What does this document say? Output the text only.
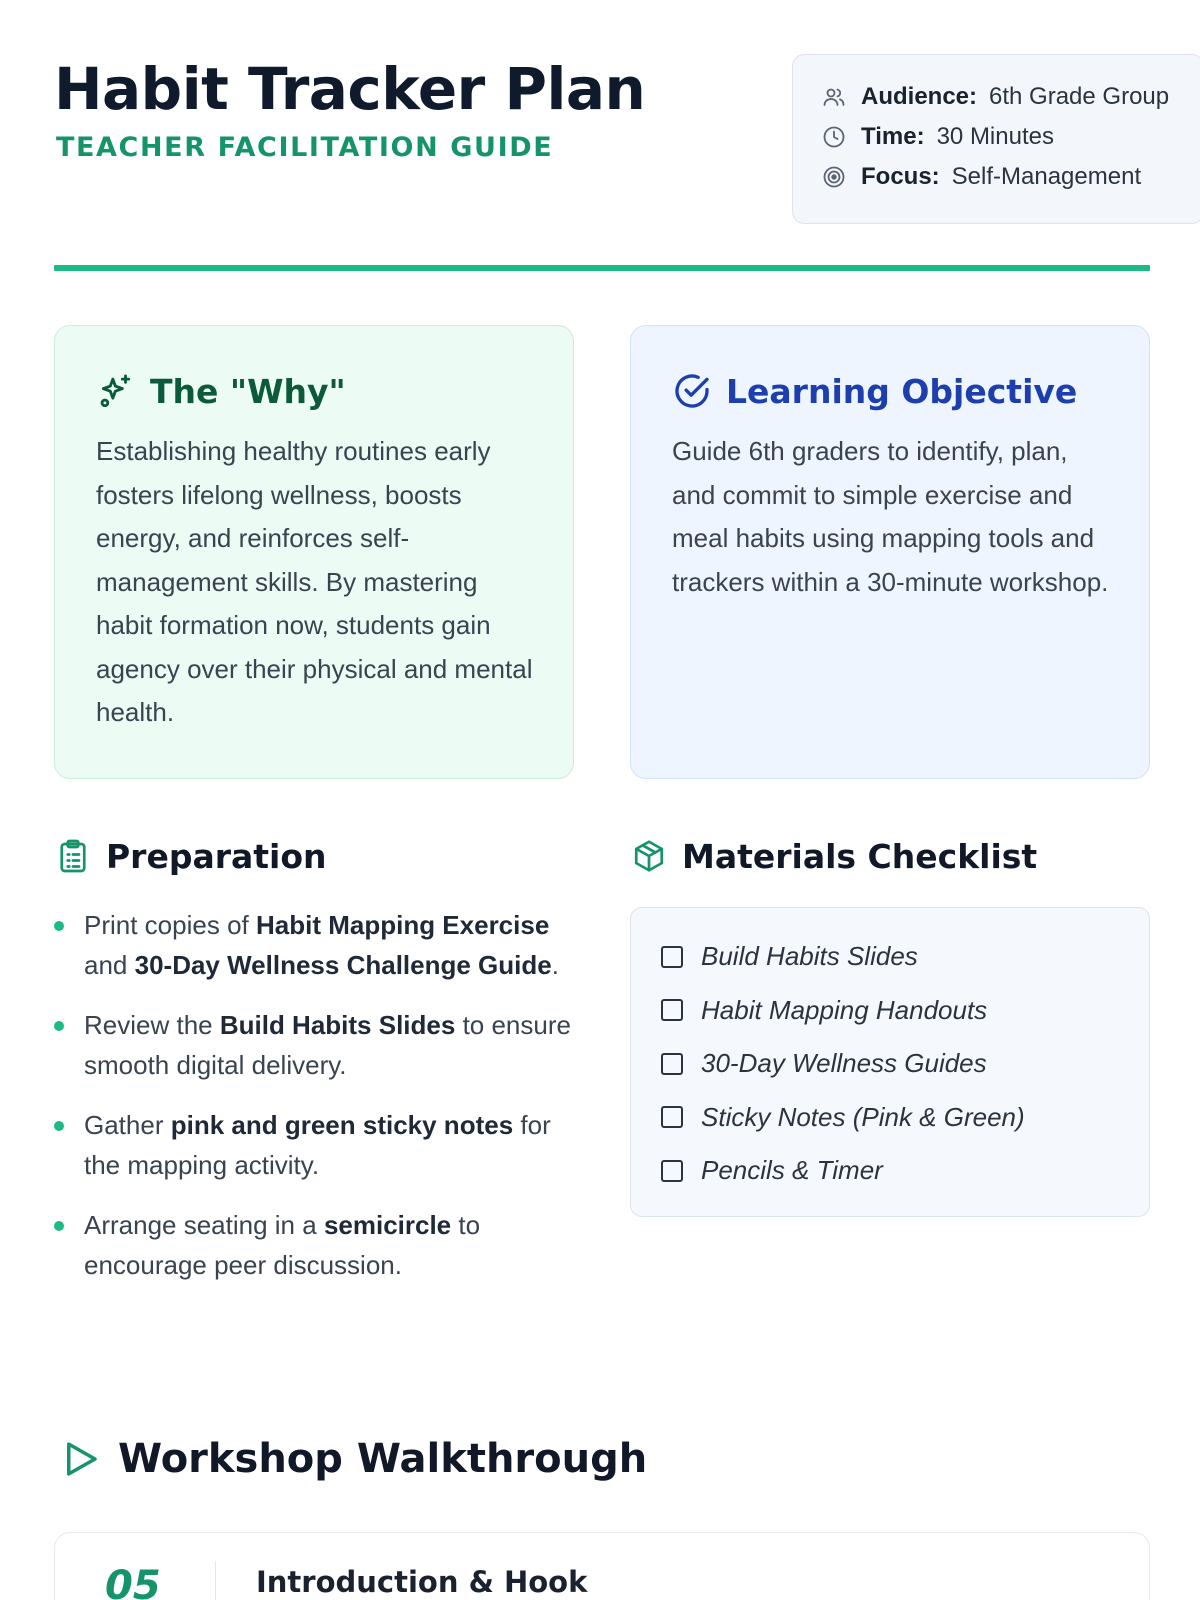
Habit Tracker Plan
TEACHER FACILITATION GUIDE
Audience: 6th Grade Group
Time: 30 Minutes
Focus: Self-Management
The "Why"

Establishing healthy routines early fosters lifelong wellness, boosts energy, and reinforces self-management skills. By mastering habit formation now, students gain agency over their physical and mental health.

Learning Objective

Guide 6th graders to identify, plan, and commit to simple exercise and meal habits using mapping tools and trackers within a 30-minute workshop.

Preparation
Print copies of Habit Mapping Exercise and 30-Day Wellness Challenge Guide.
Review the Build Habits Slides to ensure smooth digital delivery.
Gather pink and green sticky notes for the mapping activity.
Arrange seating in a semicircle to encourage peer discussion.
Materials Checklist
Build Habits Slides
Habit Mapping Handouts
30-Day Wellness Guides
Sticky Notes (Pink & Green)
Pencils & Timer
Workshop Walkthrough
05	Introduction & Hook
